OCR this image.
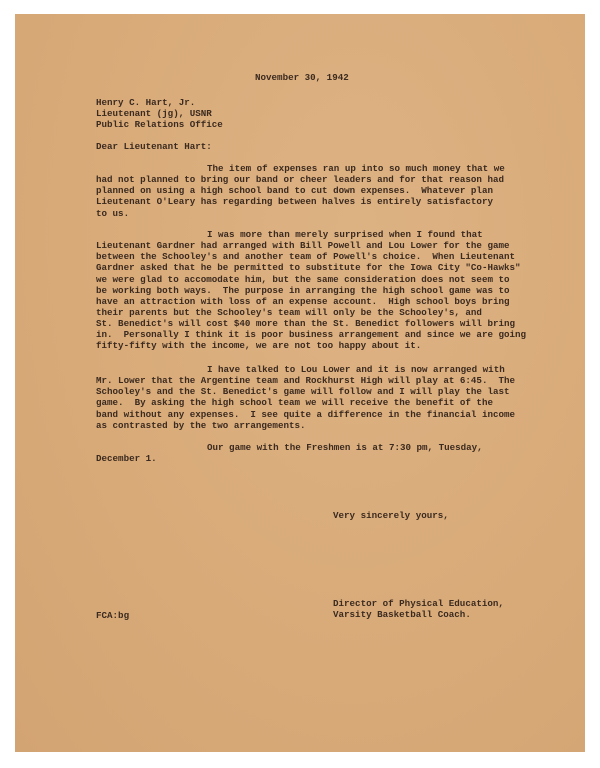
November 30, 1942
Henry C. Hart, Jr.
Lieutenant (jg), USNR
Public Relations Office
Dear Lieutenant Hart:
The item of expenses ran up into so much money that we
had not planned to bring our band or cheer leaders and for that reason had
planned on using a high school band to cut down expenses.  Whatever plan
Lieutenant O'Leary has regarding between halves is entirely satisfactory
to us.
I was more than merely surprised when I found that
Lieutenant Gardner had arranged with Bill Powell and Lou Lower for the game
between the Schooley's and another team of Powell's choice.  When Lieutenant
Gardner asked that he be permitted to substitute for the Iowa City "Co-Hawks"
we were glad to accomodate him, but the same consideration does not seem to
be working both ways.  The purpose in arranging the high school game was to
have an attraction with loss of an expense account.  High school boys bring
their parents but the Schooley's team will only be the Schooley's, and
St. Benedict's will cost $40 more than the St. Benedict followers will bring
in.  Personally I think it is poor business arrangement and since we are going
fifty-fifty with the income, we are not too happy about it.
I have talked to Lou Lower and it is now arranged with
Mr. Lower that the Argentine team and Rockhurst High will play at 6:45.  The
Schooley's and the St. Benedict's game will follow and I will play the last
game.  By asking the high school team we will receive the benefit of the
band without any expenses.  I see quite a difference in the financial income
as contrasted by the two arrangements.
Our game with the Freshmen is at 7:30 pm, Tuesday,
December 1.
Very sincerely yours,
Director of Physical Education,
Varsity Basketball Coach.
FCA:bg
